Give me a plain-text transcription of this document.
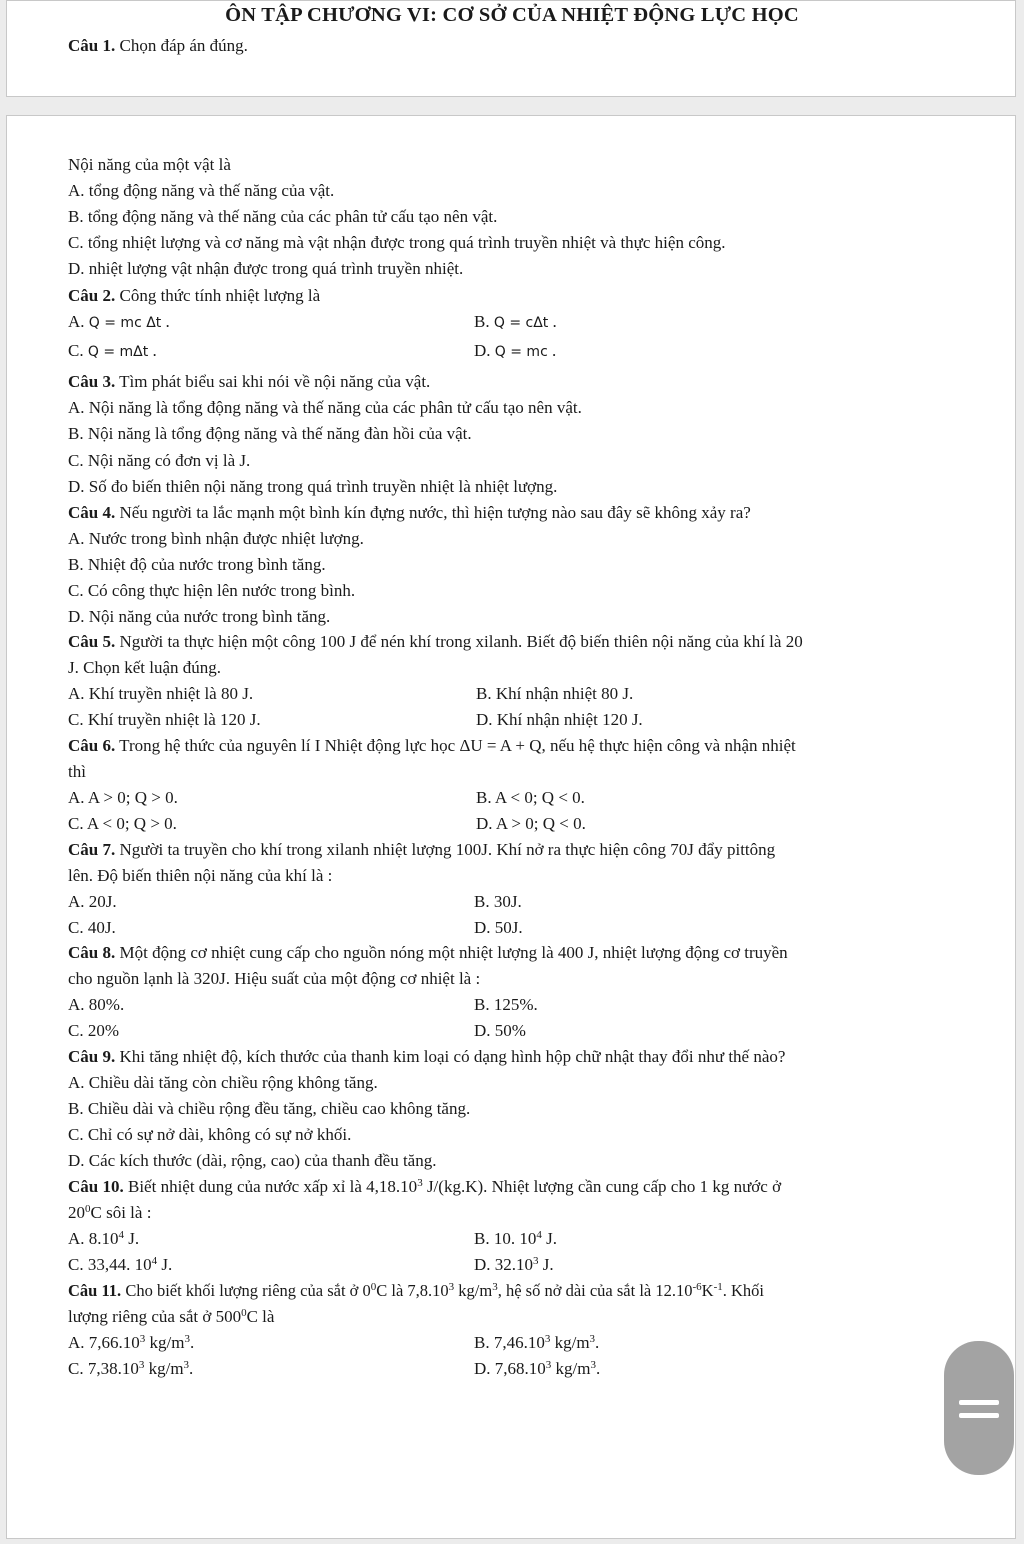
ÔN TẬP CHƯƠNG VI: CƠ SỞ CỦA NHIỆT ĐỘNG LỰC HỌC
Câu 1. Chọn đáp án đúng.
Nội năng của một vật là
A. tổng động năng và thế năng của vật.
B. tổng động năng và thế năng của các phân tử cấu tạo nên vật.
C. tổng nhiệt lượng và cơ năng mà vật nhận được trong quá trình truyền nhiệt và thực hiện công.
D. nhiệt lượng vật nhận được trong quá trình truyền nhiệt.
Câu 2. Công thức tính nhiệt lượng là
A. Q = mc Δt .	B. Q = cΔt .
C. Q = mΔt .	D. Q = mc .
Câu 3. Tìm phát biểu sai khi nói về nội năng của vật.
A. Nội năng là tổng động năng và thế năng của các phân tử cấu tạo nên vật.
B. Nội năng là tổng động năng và thế năng đàn hồi của vật.
C. Nội năng có đơn vị là J.
D. Số đo biến thiên nội năng trong quá trình truyền nhiệt là nhiệt lượng.
Câu 4. Nếu người ta lắc mạnh một bình kín đựng nước, thì hiện tượng nào sau đây sẽ không xảy ra?
A. Nước trong bình nhận được nhiệt lượng.
B. Nhiệt độ của nước trong bình tăng.
C. Có công thực hiện lên nước trong bình.
D. Nội năng của nước trong bình tăng.
Câu 5. Người ta thực hiện một công 100 J để nén khí trong xilanh. Biết độ biến thiên nội năng của khí là 20
J. Chọn kết luận đúng.
A. Khí truyền nhiệt là 80 J.	B. Khí nhận nhiệt 80 J.
C. Khí truyền nhiệt là 120 J.	D. Khí nhận nhiệt 120 J.
Câu 6. Trong hệ thức của nguyên lí I Nhiệt động lực học ΔU = A + Q, nếu hệ thực hiện công và nhận nhiệt
thì
A. A > 0; Q > 0.	B. A < 0; Q < 0.
C. A < 0; Q > 0.	D. A > 0; Q < 0.
Câu 7. Người ta truyền cho khí trong xilanh nhiệt lượng 100J. Khí nở ra thực hiện công 70J đẩy pittông
lên. Độ biến thiên nội năng của khí là :
A. 20J.	B. 30J.
C. 40J.	D. 50J.
Câu 8. Một động cơ nhiệt cung cấp cho nguồn nóng một nhiệt lượng là 400 J, nhiệt lượng động cơ truyền
cho nguồn lạnh là 320J. Hiệu suất của một động cơ nhiệt là :
A. 80%.	B. 125%.
C. 20%	D. 50%
Câu 9. Khi tăng nhiệt độ, kích thước của thanh kim loại có dạng hình hộp chữ nhật thay đổi như thế nào?
A. Chiều dài tăng còn chiều rộng không tăng.
B. Chiều dài và chiều rộng đều tăng, chiều cao không tăng.
C. Chỉ có sự nở dài, không có sự nở khối.
D. Các kích thước (dài, rộng, cao) của thanh đều tăng.
Câu 10. Biết nhiệt dung của nước xấp xỉ là 4,18.10$^3$ J/(kg.K). Nhiệt lượng cần cung cấp cho 1 kg nước ở
$20^0C$ sôi là :
A. 8.10$^4$ J.	B. 10. $10^4$ J.
C. 33,44. $10^4$ J.	D. 32.10$^3$ J.
Câu 11. Cho biết khối lượng riêng của sắt ở $0^0C$ là 7,8.10$^3$ $kg/m^3$, hệ số nở dài của sắt là $12.10^{-6}K^{-1}$. Khối
lượng riêng của sắt ở $500^0C$ là
A. 7,66.10$^3$ $kg/m^3$.	B. 7,46.10$^3$ $kg/m^3$.
C. 7,38.10$^3$ $kg/m^3$.	D. 7,68.10$^3$ $kg/m^3$.
